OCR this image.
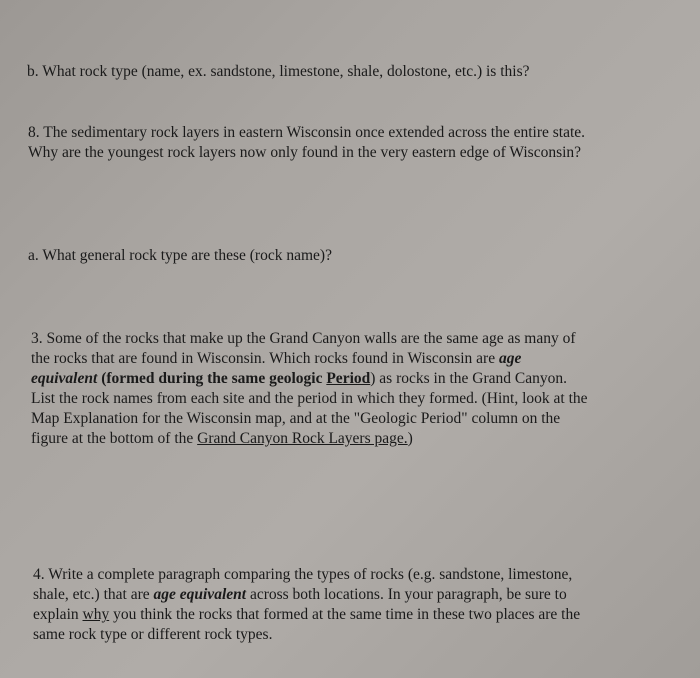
b. What rock type (name, ex. sandstone, limestone, shale, dolostone, etc.) is this?
8. The sedimentary rock layers in eastern Wisconsin once extended across the entire state.
Why are the youngest rock layers now only found in the very eastern edge of Wisconsin?
a. What general rock type are these (rock name)?
3. Some of the rocks that make up the Grand Canyon walls are the same age as many of
the rocks that are found in Wisconsin. Which rocks found in Wisconsin are age
equivalent (formed during the same geologic Period) as rocks in the Grand Canyon.
List the rock names from each site and the period in which they formed. (Hint, look at the
Map Explanation for the Wisconsin map, and at the "Geologic Period" column on the
figure at the bottom of the Grand Canyon Rock Layers page.)
4. Write a complete paragraph comparing the types of rocks (e.g. sandstone, limestone,
shale, etc.) that are age equivalent across both locations. In your paragraph, be sure to
explain why you think the rocks that formed at the same time in these two places are the
same rock type or different rock types.
